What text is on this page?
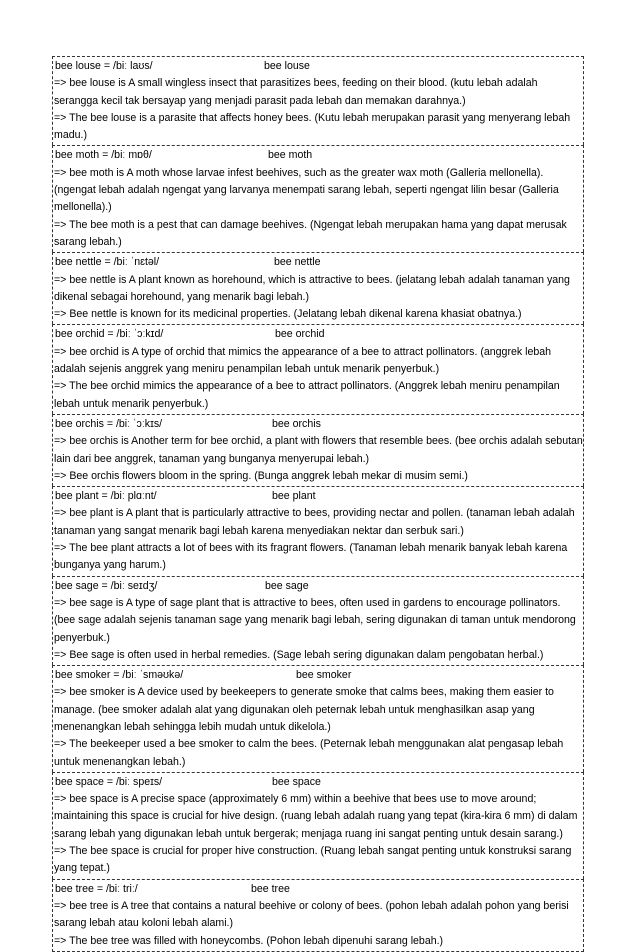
bee louse = /biː laʊs/	bee louse

=> bee louse is A small wingless insect that parasitizes bees, feeding on their blood. (kutu lebah adalah serangga kecil tak bersayap yang menjadi parasit pada lebah dan memakan darahnya.)

=> The bee louse is a parasite that affects honey bees. (Kutu lebah merupakan parasit yang menyerang lebah madu.)

bee moth = /biː mɒθ/	bee moth

=> bee moth is A moth whose larvae infest beehives, such as the greater wax moth (Galleria mellonella). (ngengat lebah adalah ngengat yang larvanya menempati sarang lebah, seperti ngengat lilin besar (Galleria mellonella).)

=> The bee moth is a pest that can damage beehives. (Ngengat lebah merupakan hama yang dapat merusak sarang lebah.)

bee nettle = /biː ˈnɛtəl/	bee nettle

=> bee nettle is A plant known as horehound, which is attractive to bees. (jelatang lebah adalah tanaman yang dikenal sebagai horehound, yang menarik bagi lebah.)

=> Bee nettle is known for its medicinal properties. (Jelatang lebah dikenal karena khasiat obatnya.)

bee orchid = /biː ˈɔːkɪd/	bee orchid

=> bee orchid is A type of orchid that mimics the appearance of a bee to attract pollinators. (anggrek lebah adalah sejenis anggrek yang meniru penampilan lebah untuk menarik penyerbuk.)

=> The bee orchid mimics the appearance of a bee to attract pollinators. (Anggrek lebah meniru penampilan lebah untuk menarik penyerbuk.)

bee orchis = /biː ˈɔːkɪs/	bee orchis

=> bee orchis is Another term for bee orchid, a plant with flowers that resemble bees. (bee orchis adalah sebutan lain dari bee anggrek, tanaman yang bunganya menyerupai lebah.)

=> Bee orchis flowers bloom in the spring. (Bunga anggrek lebah mekar di musim semi.)

bee plant = /biː plɑːnt/	bee plant

=> bee plant is A plant that is particularly attractive to bees, providing nectar and pollen. (tanaman lebah adalah tanaman yang sangat menarik bagi lebah karena menyediakan nektar dan serbuk sari.)

=> The bee plant attracts a lot of bees with its fragrant flowers. (Tanaman lebah menarik banyak lebah karena bunganya yang harum.)

bee sage = /biː seɪdʒ/	bee sage

=> bee sage is A type of sage plant that is attractive to bees, often used in gardens to encourage pollinators. (bee sage adalah sejenis tanaman sage yang menarik bagi lebah, sering digunakan di taman untuk mendorong penyerbuk.)

=> Bee sage is often used in herbal remedies. (Sage lebah sering digunakan dalam pengobatan herbal.)

bee smoker = /biː ˈsməʊkə/	bee smoker

=> bee smoker is A device used by beekeepers to generate smoke that calms bees, making them easier to manage. (bee smoker adalah alat yang digunakan oleh peternak lebah untuk menghasilkan asap yang menenangkan lebah sehingga lebih mudah untuk dikelola.)

=> The beekeeper used a bee smoker to calm the bees. (Peternak lebah menggunakan alat pengasap lebah untuk menenangkan lebah.)

bee space = /biː speɪs/	bee space

=> bee space is A precise space (approximately 6 mm) within a beehive that bees use to move around; maintaining this space is crucial for hive design. (ruang lebah adalah ruang yang tepat (kira-kira 6 mm) di dalam sarang lebah yang digunakan lebah untuk bergerak; menjaga ruang ini sangat penting untuk desain sarang.)

=> The bee space is crucial for proper hive construction. (Ruang lebah sangat penting untuk konstruksi sarang yang tepat.)

bee tree = /biː triː/	bee tree

=> bee tree is A tree that contains a natural beehive or colony of bees. (pohon lebah adalah pohon yang berisi sarang lebah atau koloni lebah alami.)

=> The bee tree was filled with honeycombs. (Pohon lebah dipenuhi sarang lebah.)
